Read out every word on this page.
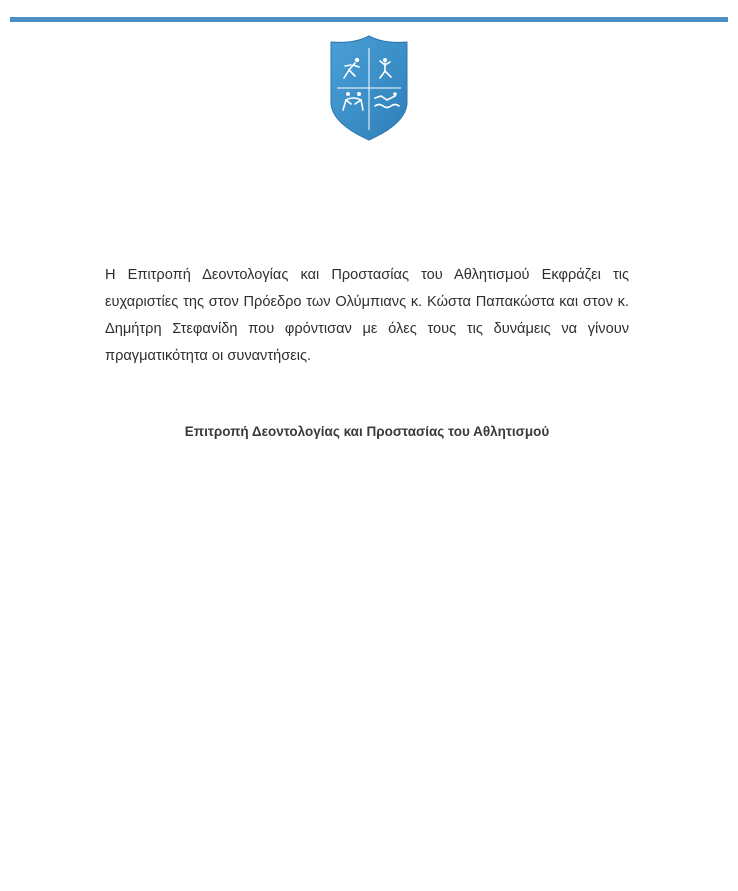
Η Επιτροπή Δεοντολογίας και Προστασίας του Αθλητισμού Εκφράζει τις ευχαριστίες της στον Πρόεδρο των Ολύμπιανς κ. Κώστα Παπακώστα και στον κ. Δημήτρη Στεφανίδη που φρόντισαν με όλες τους τις δυνάμεις να γίνουν πραγματικότητα οι συναντήσεις.

Επιτροπή Δεοντολογίας και Προστασίας του Αθλητισμού
